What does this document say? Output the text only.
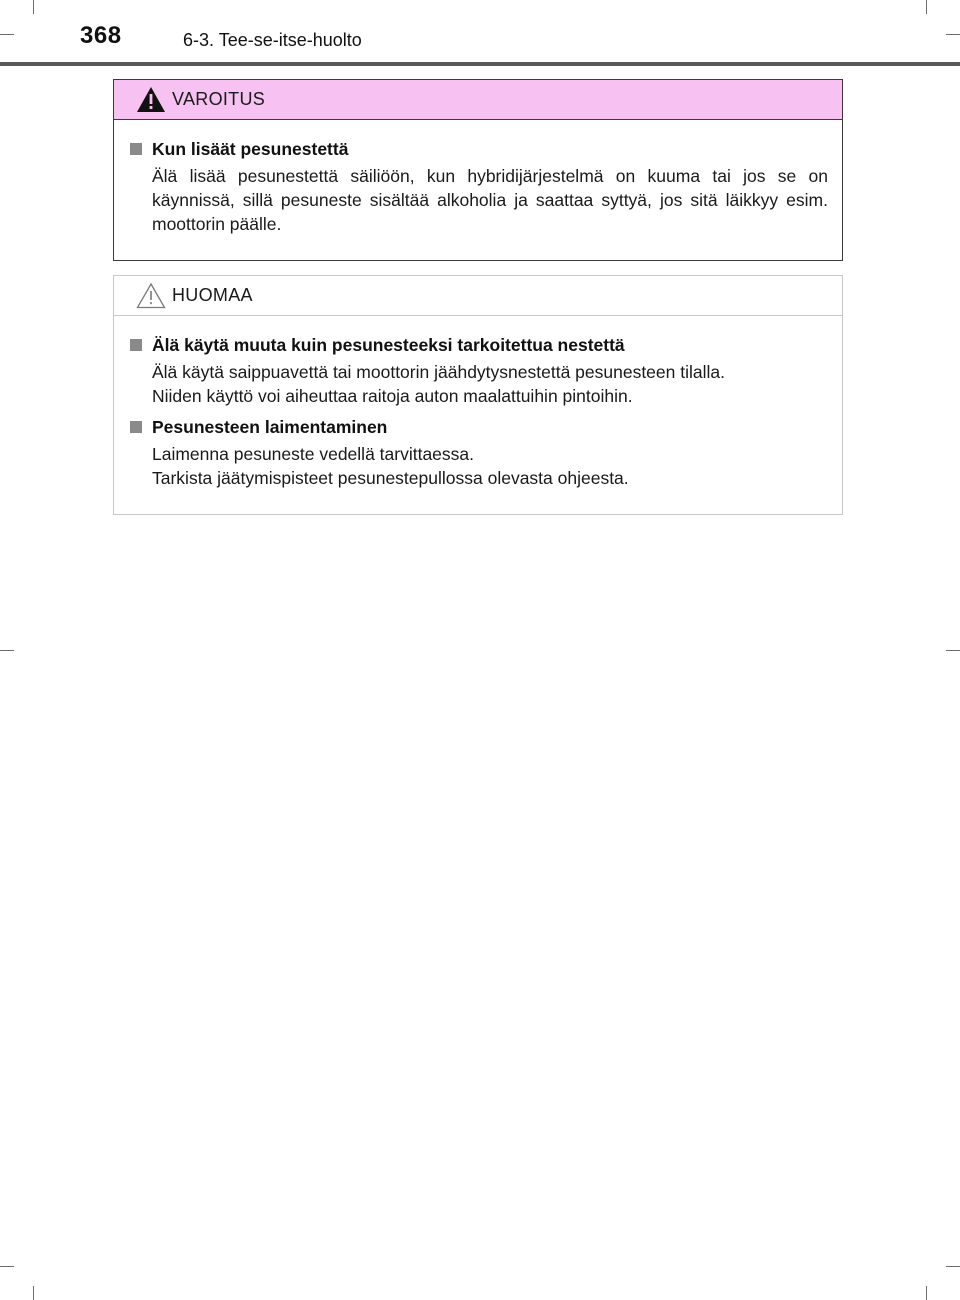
368	6-3. Tee-se-itse-huolto
VAROITUS
Kun lisäät pesunestettä
Älä lisää pesunestettä säiliöön, kun hybridijärjestelmä on kuuma tai jos se on käynnissä, sillä pesuneste sisältää alkoholia ja saattaa syttyä, jos sitä läikkyy esim. moottorin päälle.
HUOMAA
Älä käytä muuta kuin pesunesteeksi tarkoitettua nestettä
Älä käytä saippuavettä tai moottorin jäähdytysnestettä pesunesteen tilalla.
Niiden käyttö voi aiheuttaa raitoja auton maalattuihin pintoihin.
Pesunesteen laimentaminen
Laimenna pesuneste vedellä tarvittaessa.
Tarkista jäätymispisteet pesunestepullossa olevasta ohjeesta.
